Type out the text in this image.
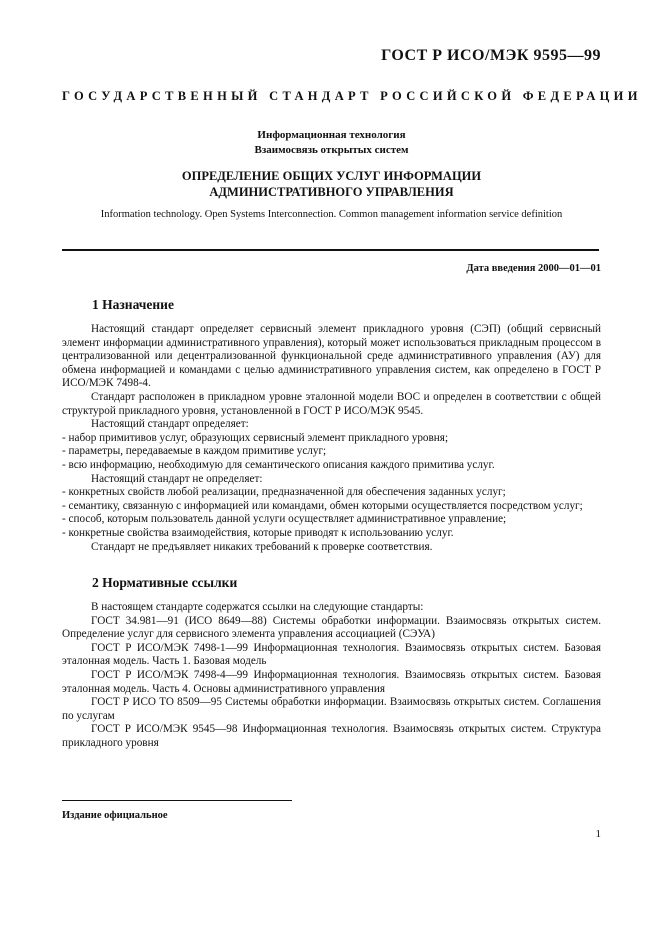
ГОСТ Р ИСО/МЭК 9595—99
ГОСУДАРСТВЕННЫЙ СТАНДАРТ РОССИЙСКОЙ ФЕДЕРАЦИИ
Информационная технология
Взаимосвязь открытых систем
ОПРЕДЕЛЕНИЕ ОБЩИХ УСЛУГ ИНФОРМАЦИИ
АДМИНИСТРАТИВНОГО УПРАВЛЕНИЯ
Information technology. Open Systems Interconnection. Common management information service definition
Дата введения 2000—01—01
1 Назначение

Настоящий стандарт определяет сервисный элемент прикладного уровня (СЭП) (общий сервисный элемент информации административного управления), который может использоваться прикладным процессом в централизованной или децентрализованной функциональной среде административного управления (АУ) для обмена информацией и командами с целью административного управления систем, как определено в ГОСТ Р ИСО/МЭК 7498-4.

Стандарт расположен в прикладном уровне эталонной модели ВОС и определен в соответствии с общей структурой прикладного уровня, установленной в ГОСТ Р ИСО/МЭК 9545.

Настоящий стандарт определяет:

- набор примитивов услуг, образующих сервисный элемент прикладного уровня;

- параметры, передаваемые в каждом примитиве услуг;

- всю информацию, необходимую для семантического описания каждого примитива услуг.

Настоящий стандарт не определяет:

- конкретных свойств любой реализации, предназначенной для обеспечения заданных услуг;

- семантику, связанную с информацией или командами, обмен которыми осуществляется посредством услуг;

- способ, которым пользователь данной услуги осуществляет административное управление;

- конкретные свойства взаимодействия, которые приводят к использованию услуг.

Стандарт не предъявляет никаких требований к проверке соответствия.

2 Нормативные ссылки

В настоящем стандарте содержатся ссылки на следующие стандарты:

ГОСТ 34.981—91 (ИСО 8649—88) Системы обработки информации. Взаимосвязь открытых систем. Определение услуг для сервисного элемента управления ассоциацией (СЭУА)

ГОСТ Р ИСО/МЭК 7498-1—99 Информационная технология. Взаимосвязь открытых систем. Базовая эталонная модель. Часть 1. Базовая модель

ГОСТ Р ИСО/МЭК 7498-4—99 Информационная технология. Взаимосвязь открытых систем. Базовая эталонная модель. Часть 4. Основы административного управления

ГОСТ Р ИСО ТО 8509—95 Системы обработки информации. Взаимосвязь открытых систем. Соглашения по услугам

ГОСТ Р ИСО/МЭК 9545—98 Информационная технология. Взаимосвязь открытых систем. Структура прикладного уровня

Издание официальное
1
